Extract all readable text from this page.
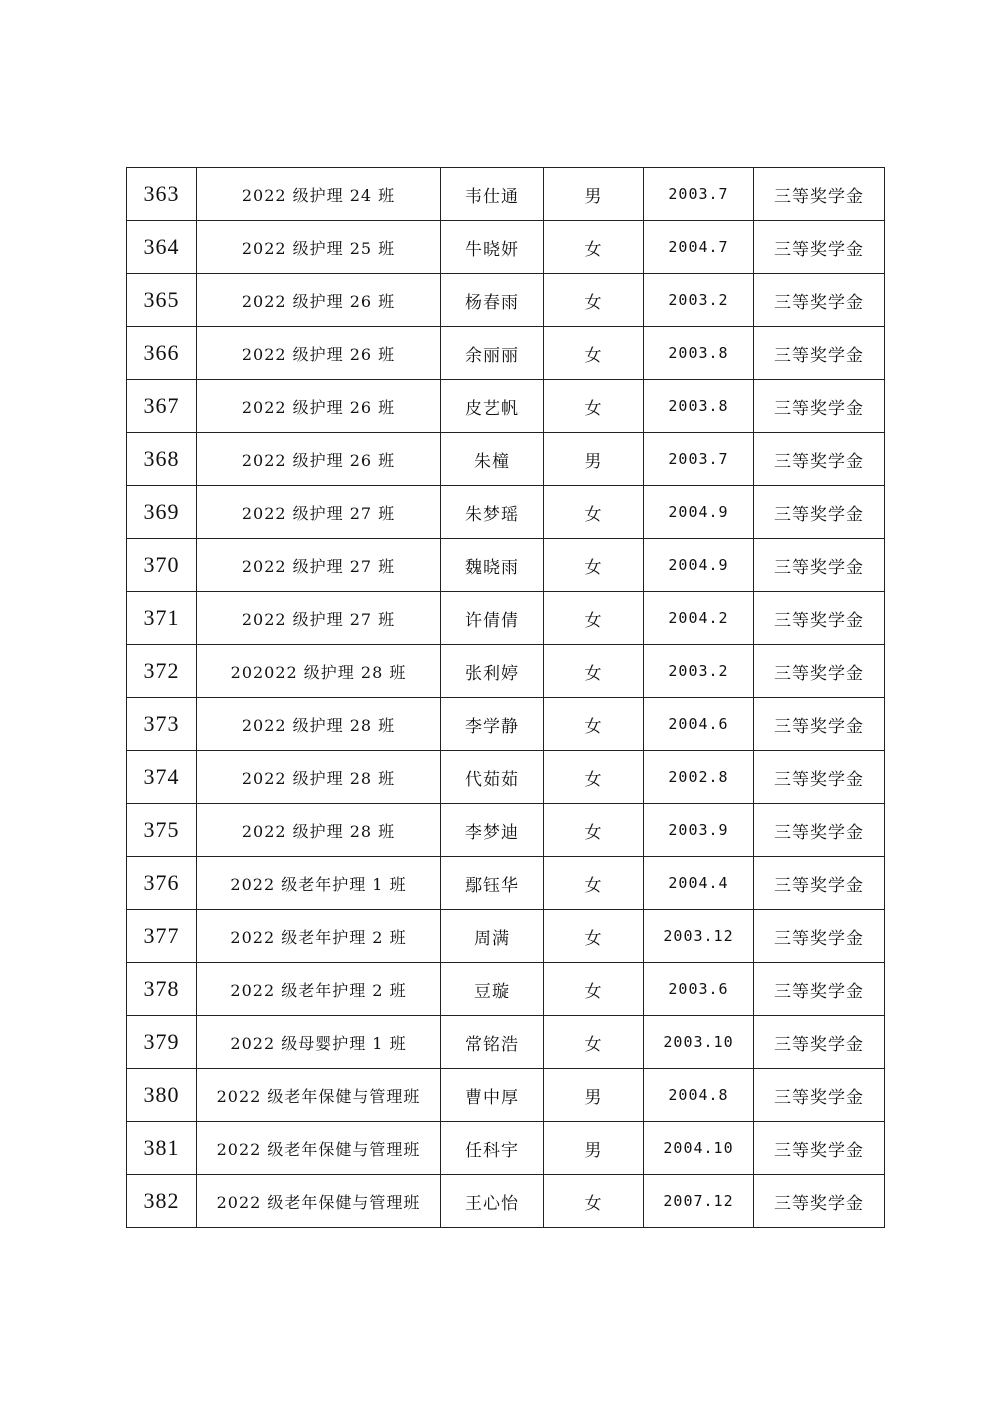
363	2022 级护理 24 班	韦仕通	男	2003.7	三等奖学金
364	2022 级护理 25 班	牛晓妍	女	2004.7	三等奖学金
365	2022 级护理 26 班	杨春雨	女	2003.2	三等奖学金
366	2022 级护理 26 班	余丽丽	女	2003.8	三等奖学金
367	2022 级护理 26 班	皮艺帆	女	2003.8	三等奖学金
368	2022 级护理 26 班	朱橦	男	2003.7	三等奖学金
369	2022 级护理 27 班	朱梦瑶	女	2004.9	三等奖学金
370	2022 级护理 27 班	魏晓雨	女	2004.9	三等奖学金
371	2022 级护理 27 班	许倩倩	女	2004.2	三等奖学金
372	202022 级护理 28 班	张利婷	女	2003.2	三等奖学金
373	2022 级护理 28 班	李学静	女	2004.6	三等奖学金
374	2022 级护理 28 班	代茹茹	女	2002.8	三等奖学金
375	2022 级护理 28 班	李梦迪	女	2003.9	三等奖学金
376	2022 级老年护理 1 班	鄢钰华	女	2004.4	三等奖学金
377	2022 级老年护理 2 班	周满	女	2003.12	三等奖学金
378	2022 级老年护理 2 班	豆璇	女	2003.6	三等奖学金
379	2022 级母婴护理 1 班	常铭浩	女	2003.10	三等奖学金
380	2022 级老年保健与管理班	曹中厚	男	2004.8	三等奖学金
381	2022 级老年保健与管理班	任科宇	男	2004.10	三等奖学金
382	2022 级老年保健与管理班	王心怡	女	2007.12	三等奖学金
